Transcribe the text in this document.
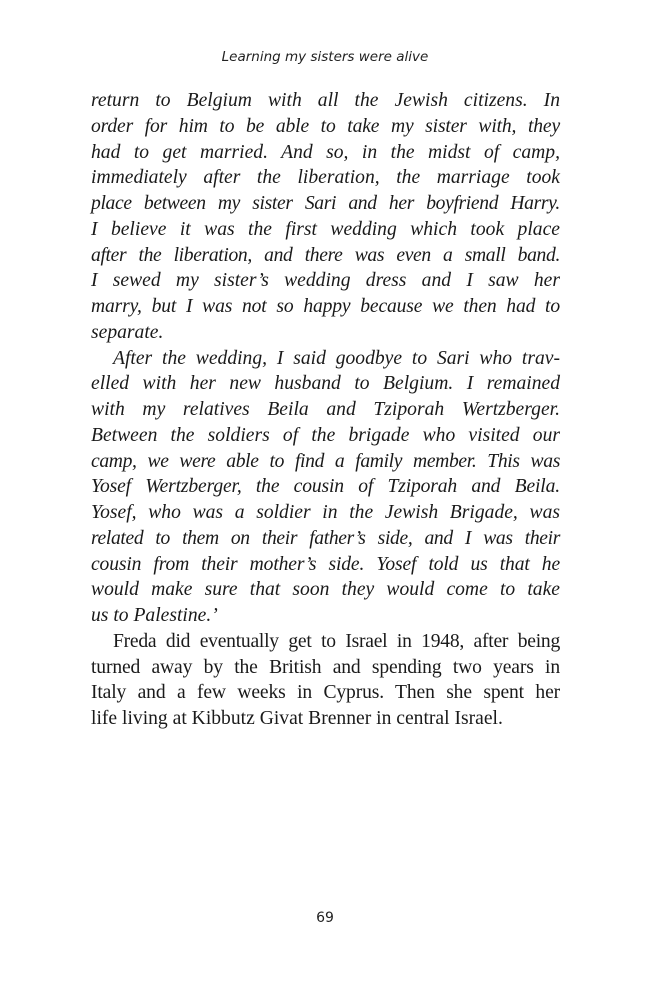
Learning my sisters were alive

return to Belgium with all the Jewish citizens. In
order for him to be able to take my sister with, they
had to get married. And so, in the midst of camp,
immediately after the liberation, the marriage took
place between my sister Sari and her boyfriend Harry.
I believe it was the first wedding which took place
after the liberation, and there was even a small band.
I sewed my sister’s wedding dress and I saw her
marry, but I was not so happy because we then had to
separate.

After the wedding, I said goodbye to Sari who trav-
elled with her new husband to Belgium. I remained
with my relatives Beila and Tziporah Wertzberger.
Between the soldiers of the brigade who visited our
camp, we were able to find a family member. This was
Yosef Wertzberger, the cousin of Tziporah and Beila.
Yosef, who was a soldier in the Jewish Brigade, was
related to them on their father’s side, and I was their
cousin from their mother’s side. Yosef told us that he
would make sure that soon they would come to take
us to Palestine.’

Freda did eventually get to Israel in 1948, after being
turned away by the British and spending two years in
Italy and a few weeks in Cyprus. Then she spent her
life living at Kibbutz Givat Brenner in central Israel.

69
